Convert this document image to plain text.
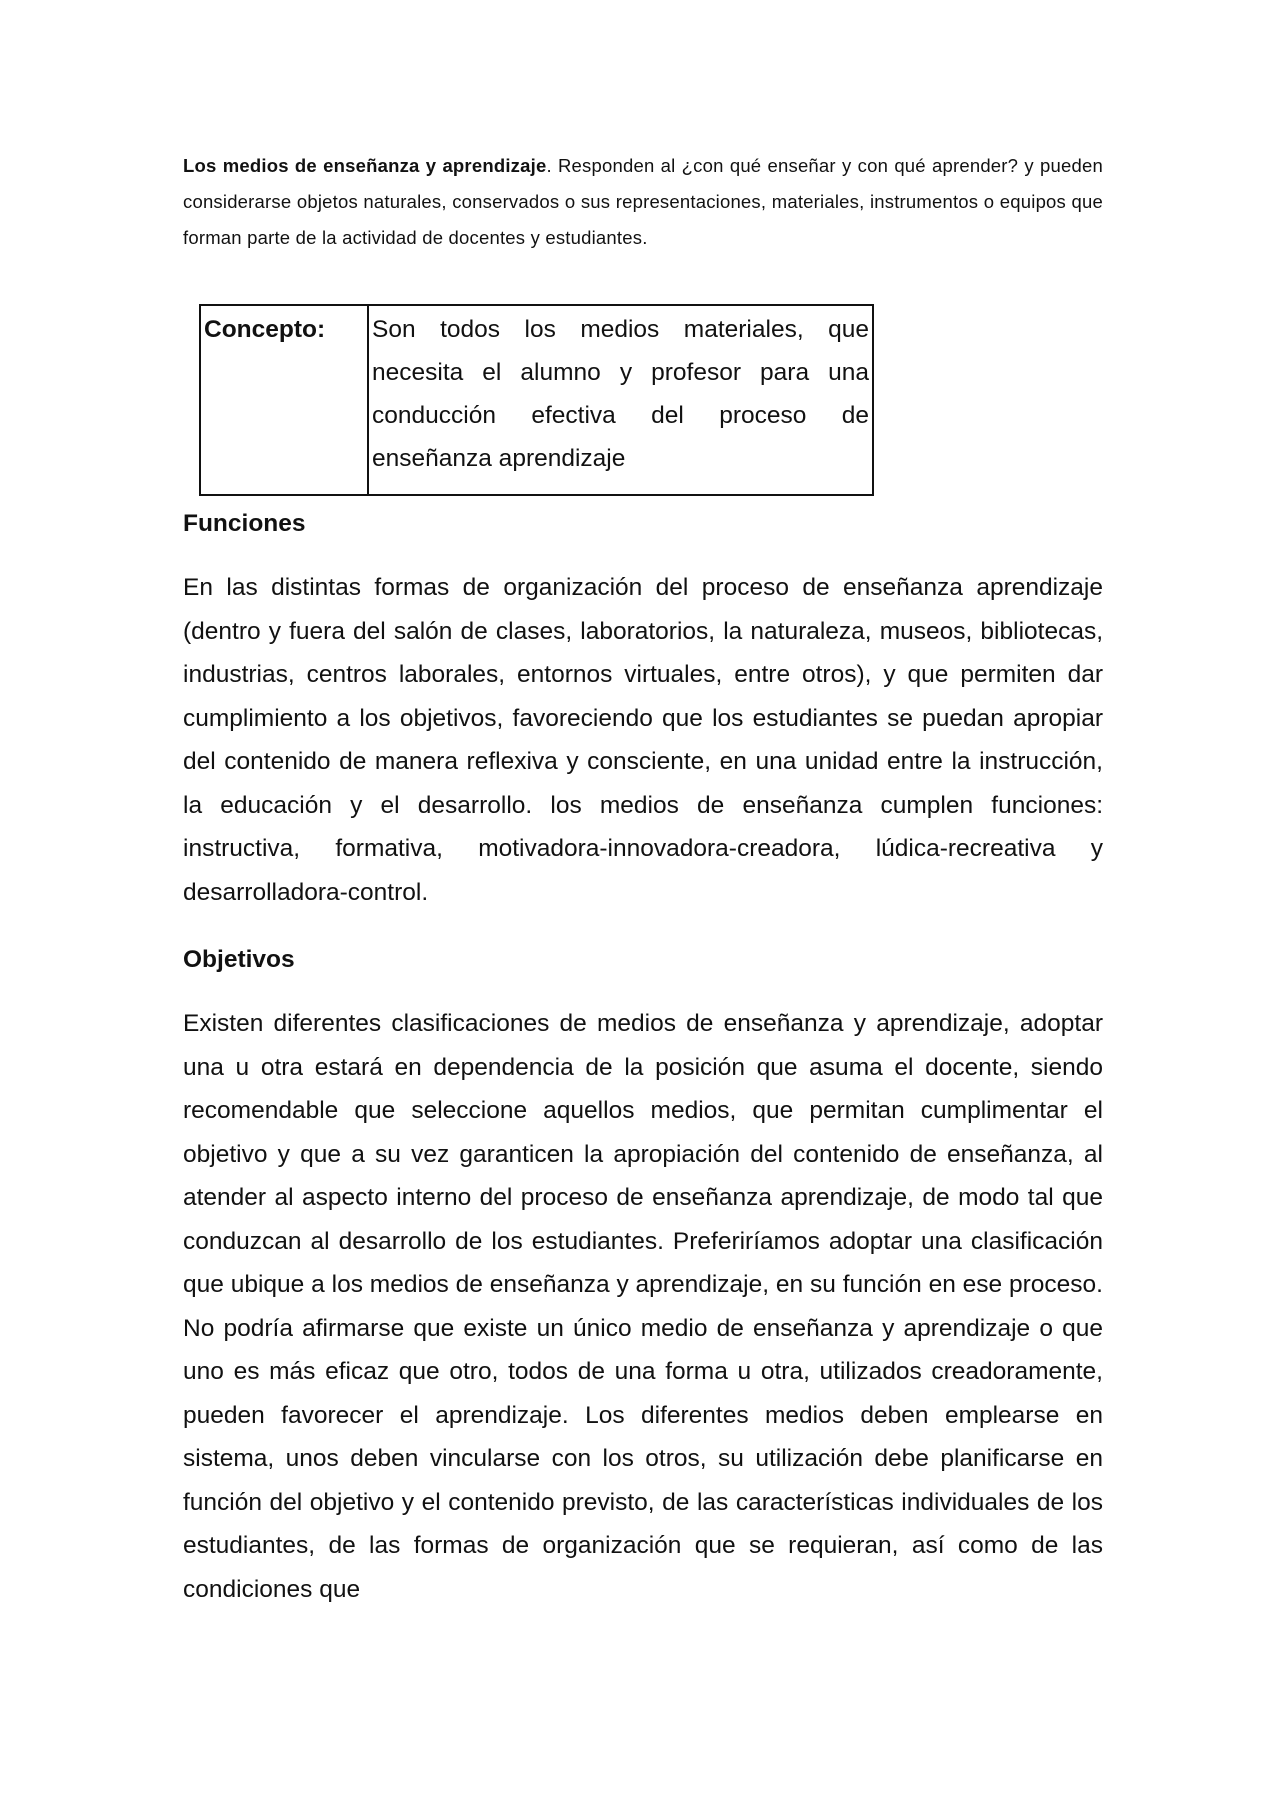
Los medios de enseñanza y aprendizaje. Responden al ¿con qué enseñar y con qué aprender? y pueden considerarse objetos naturales, conservados o sus representaciones, materiales, instrumentos o equipos que forman parte de la actividad de docentes y estudiantes.

Concepto:	Son todos los medios materiales, que necesita el alumno y profesor para una conducción efectiva del proceso de enseñanza aprendizaje
Funciones

En las distintas formas de organización del proceso de enseñanza aprendizaje (dentro y fuera del salón de clases, laboratorios, la naturaleza, museos, bibliotecas, industrias, centros laborales, entornos virtuales, entre otros), y que permiten dar cumplimiento a los objetivos, favoreciendo que los estudiantes se puedan apropiar del contenido de manera reflexiva y consciente, en una unidad entre la instrucción, la educación y el desarrollo. los medios de enseñanza cumplen funciones: instructiva, formativa, motivadora-innovadora-creadora, lúdica-recreativa y desarrolladora-control.

Objetivos

Existen diferentes clasificaciones de medios de enseñanza y aprendizaje, adoptar una u otra estará en dependencia de la posición que asuma el docente, siendo recomendable que seleccione aquellos medios, que permitan cumplimentar el objetivo y que a su vez garanticen la apropiación del contenido de enseñanza, al atender al aspecto interno del proceso de enseñanza aprendizaje, de modo tal que conduzcan al desarrollo de los estudiantes. Preferiríamos adoptar una clasificación que ubique a los medios de enseñanza y aprendizaje, en su función en ese proceso. No podría afirmarse que existe un único medio de enseñanza y aprendizaje o que uno es más eficaz que otro, todos de una forma u otra, utilizados creadoramente, pueden favorecer el aprendizaje. Los diferentes medios deben emplearse en sistema, unos deben vincularse con los otros, su utilización debe planificarse en función del objetivo y el contenido previsto, de las características individuales de los estudiantes, de las formas de organización que se requieran, así como de las condiciones que
